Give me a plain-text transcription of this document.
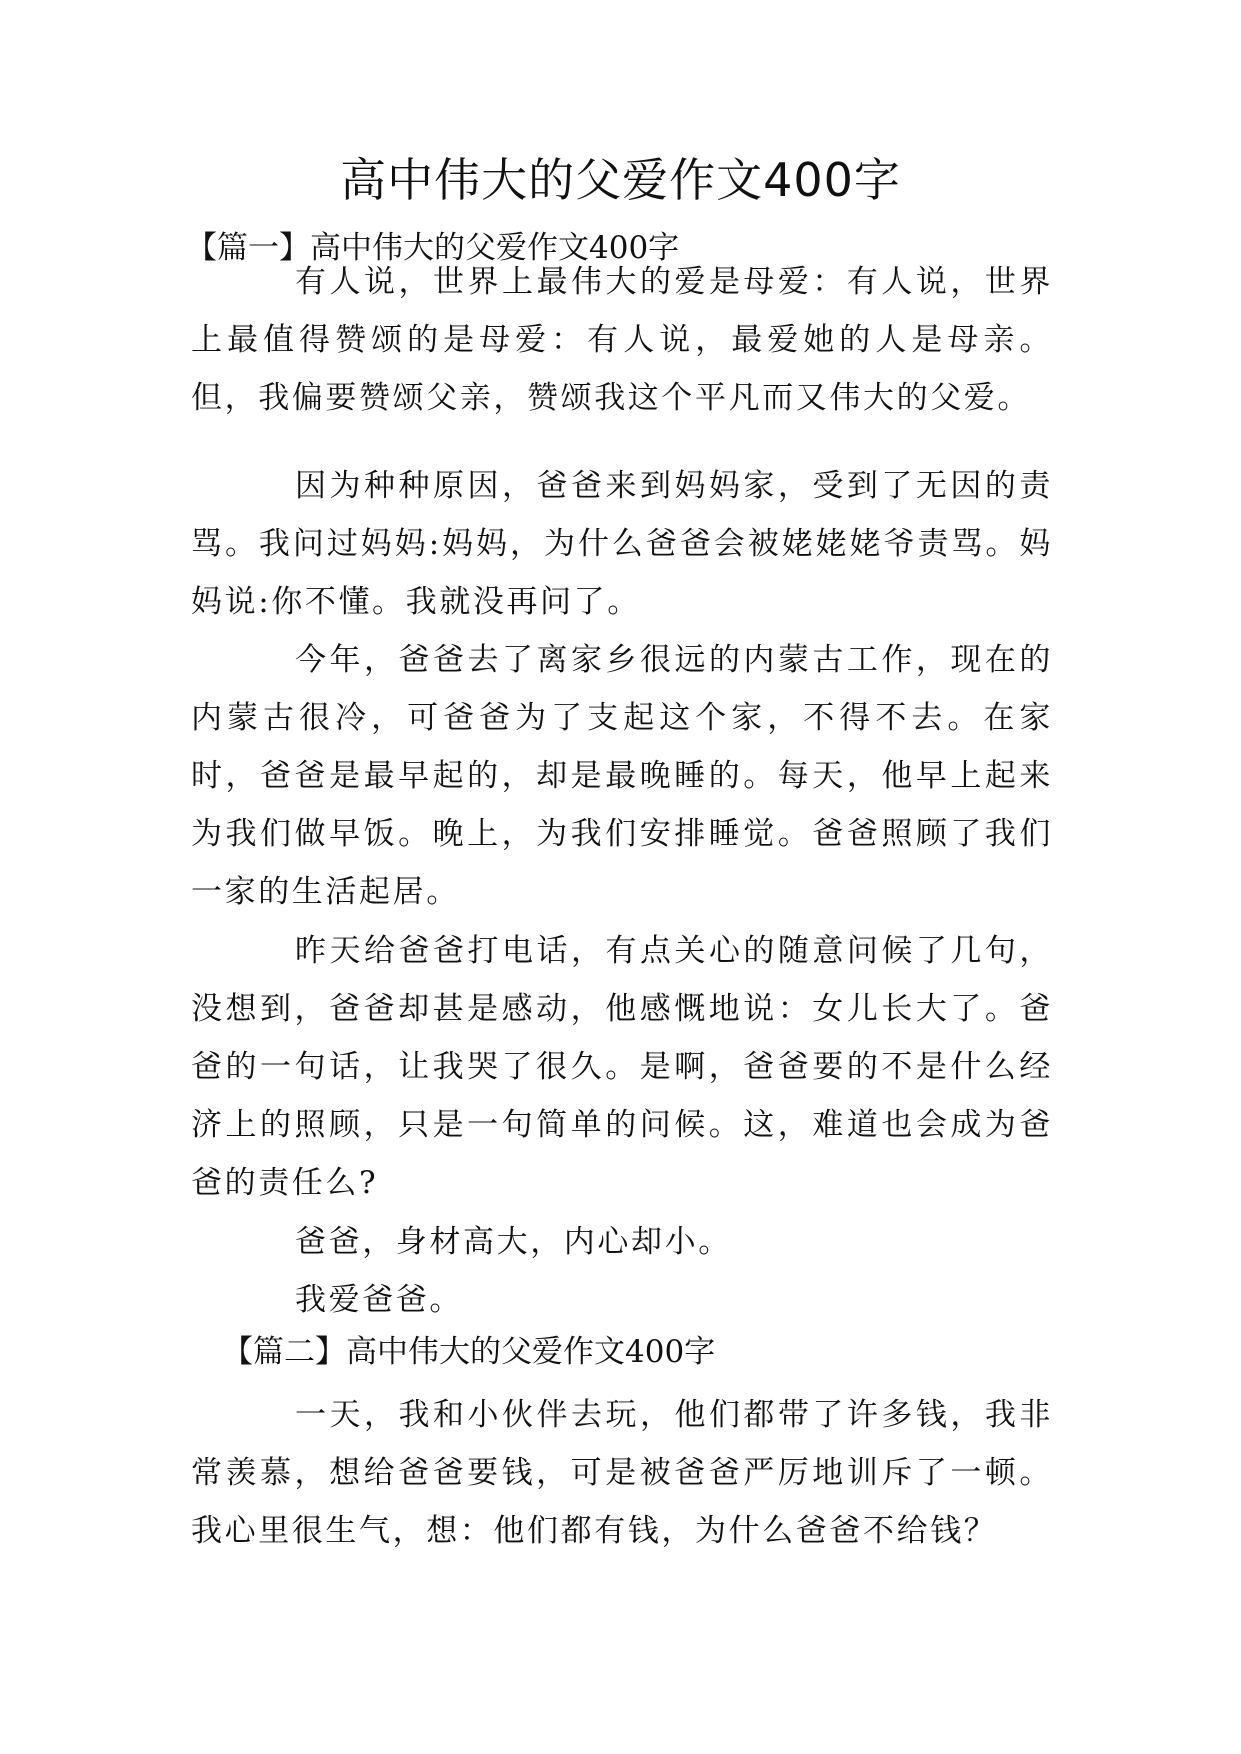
高中伟大的父爱作文400字
【篇一】高中伟大的父爱作文400字

有人说，世界上最伟大的爱是母爱：有人说，世界上最值得赞颂的是母爱：有人说，最爱她的人是母亲。但，我偏要赞颂父亲，赞颂我这个平凡而又伟大的父爱。

因为种种原因，爸爸来到妈妈家，受到了无因的责骂。我问过妈妈:妈妈，为什么爸爸会被姥姥姥爷责骂。妈妈说:你不懂。我就没再问了。

今年，爸爸去了离家乡很远的内蒙古工作，现在的内蒙古很冷，可爸爸为了支起这个家，不得不去。在家时，爸爸是最早起的，却是最晚睡的。每天，他早上起来为我们做早饭。晚上，为我们安排睡觉。爸爸照顾了我们一家的生活起居。

昨天给爸爸打电话，有点关心的随意问候了几句，没想到，爸爸却甚是感动，他感慨地说：女儿长大了。爸爸的一句话，让我哭了很久。是啊，爸爸要的不是什么经济上的照顾，只是一句简单的问候。这，难道也会成为爸爸的责任么?

爸爸，身材高大，内心却小。

我爱爸爸。

【篇二】高中伟大的父爱作文400字

一天，我和小伙伴去玩，他们都带了许多钱，我非常羡慕，想给爸爸要钱，可是被爸爸严厉地训斥了一顿。我心里很生气，想：他们都有钱，为什么爸爸不给钱？
